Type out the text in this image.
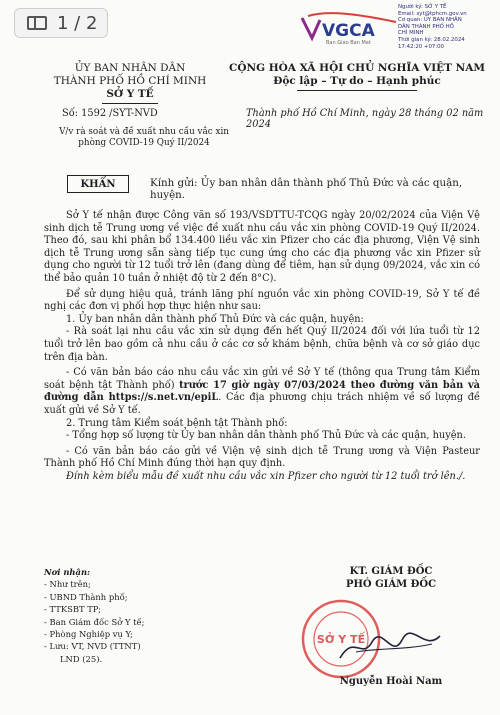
1 / 2	VGCA
Ban Giao Ban Mat
Người ký: SỞ Y TẾ
Email: syt@tphcm.gov.vn
Cơ quan: ỦY BAN NHÂN
DÂN THÀNH PHỐ HỒ
CHÍ MINH
Thời gian ký: 28.02.2024
17:42:20 +07:00
ỦY BAN NHÂN DÂN
THÀNH PHỐ HỒ CHÍ MINH
SỞ Y TẾ
CỘNG HÒA XÃ HỘI CHỦ NGHĨA VIỆT NAM
Độc lập – Tự do – Hạnh phúc
Số: 1592 /SYT-NVD	Thành phố Hồ Chí Minh, ngày 28 tháng 02 năm 2024
V/v rà soát và đề xuất nhu cầu vắc xin phòng COVID-19 Quý II/2024
KHẨN	Kính gửi: Ủy ban nhân dân thành phố Thủ Đức và các quận, huyện.

Sở Y tế nhận được Công văn số 193/VSDTTU-TCQG ngày 20/02/2024 của Viện Vệ sinh dịch tễ Trung ương về việc đề xuất nhu cầu vắc xin phòng COVID-19 Quý II/2024. Theo đó, sau khi phân bổ 134.400 liều vắc xin Pfizer cho các địa phương, Viện Vệ sinh dịch tễ Trung ương sẵn sàng tiếp tục cung ứng cho các địa phương vắc xin Pfizer sử dụng cho người từ 12 tuổi trở lên (đang dùng để tiêm, hạn sử dụng 09/2024, vắc xin có thể bảo quản 10 tuần ở nhiệt độ từ 2 đến 8°C).

Để sử dụng hiệu quả, tránh lãng phí nguồn vắc xin phòng COVID-19, Sở Y tế đề nghị các đơn vị phối hợp thực hiện như sau:

1. Ủy ban nhân dân thành phố Thủ Đức và các quận, huyện:

- Rà soát lại nhu cầu vắc xin sử dụng đến hết Quý II/2024 đối với lứa tuổi từ 12 tuổi trở lên bao gồm cả nhu cầu ở các cơ sở khám bệnh, chữa bệnh và cơ sở giáo dục trên địa bàn.

- Có văn bản báo cáo nhu cầu vắc xin gửi về Sở Y tế (thông qua Trung tâm Kiểm soát bệnh tật Thành phố) trước 17 giờ ngày 07/03/2024 theo đường văn bản và đường dẫn https://s.net.vn/epiL. Các địa phương chịu trách nhiệm về số lượng đề xuất gửi về Sở Y tế.

2. Trung tâm Kiểm soát bệnh tật Thành phố:

- Tổng hợp số lượng từ Ủy ban nhân dân thành phố Thủ Đức và các quận, huyện.

- Có văn bản báo cáo gửi về Viện vệ sinh dịch tễ Trung ương và Viện Pasteur Thành phố Hồ Chí Minh đúng thời hạn quy định.

Đính kèm biểu mẫu đề xuất nhu cầu vắc xin Pfizer cho người từ 12 tuổi trở lên./.

Nơi nhận:
- Như trên;
- UBND Thành phố;
- TTKSBT TP;
- Ban Giám đốc Sở Y tế;
- Phòng Nghiệp vụ Y;
- Lưu: VT, NVD (TTNT)
LND (25).
KT. GIÁM ĐỐC
PHÓ GIÁM ĐỐC
SỞ Y TẾ
Nguyễn Hoài Nam
